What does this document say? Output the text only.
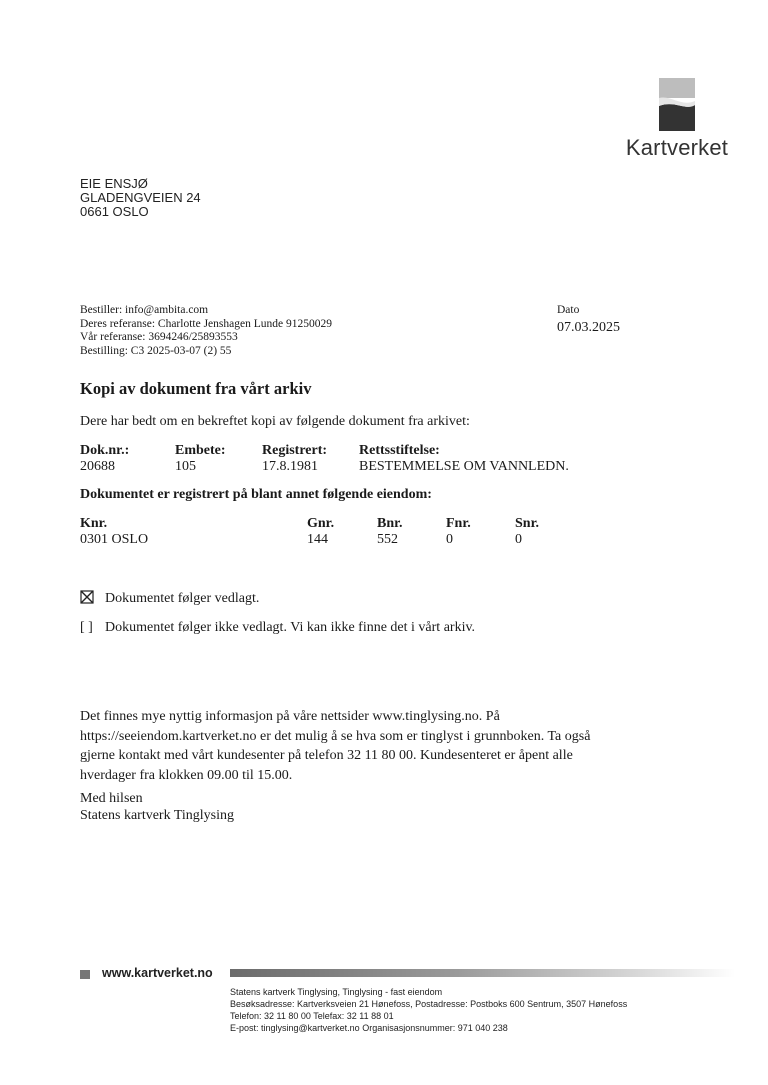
Kartverket
EIE ENSJØ
GLADENGVEIEN 24
0661 OSLO
Bestiller: info@ambita.com
Deres referanse: Charlotte Jenshagen Lunde 91250029
Vår referanse: 3694246/25893553
Bestilling: C3 2025-03-07 (2) 55
Dato
07.03.2025
Kopi av dokument fra vårt arkiv
Dere har bedt om en bekreftet kopi av følgende dokument fra arkivet:
Dok.nr.:
20688
Embete:
105
Registrert:
17.8.1981
Rettsstiftelse:
BESTEMMELSE OM VANNLEDN.
Dokumentet er registrert på blant annet følgende eiendom:
Knr.
0301 OSLO
Gnr.
144
Bnr.
552
Fnr.
0
Snr.
0
Dokumentet følger vedlagt.
[ ] Dokumentet følger ikke vedlagt. Vi kan ikke finne det i vårt arkiv.
Det finnes mye nyttig informasjon på våre nettsider www.tinglysing.no. På
https://seeiendom.kartverket.no er det mulig å se hva som er tinglyst i grunnboken. Ta også
gjerne kontakt med vårt kundesenter på telefon 32 11 80 00. Kundesenteret er åpent alle
hverdager fra klokken 09.00 til 15.00.
Med hilsen
Statens kartverk Tinglysing
www.kartverket.no
Statens kartverk Tinglysing, Tinglysing - fast eiendom
Besøksadresse: Kartverksveien 21 Hønefoss, Postadresse: Postboks 600 Sentrum, 3507 Hønefoss
Telefon: 32 11 80 00 Telefax: 32 11 88 01
E-post: tinglysing@kartverket.no Organisasjonsnummer: 971 040 238
